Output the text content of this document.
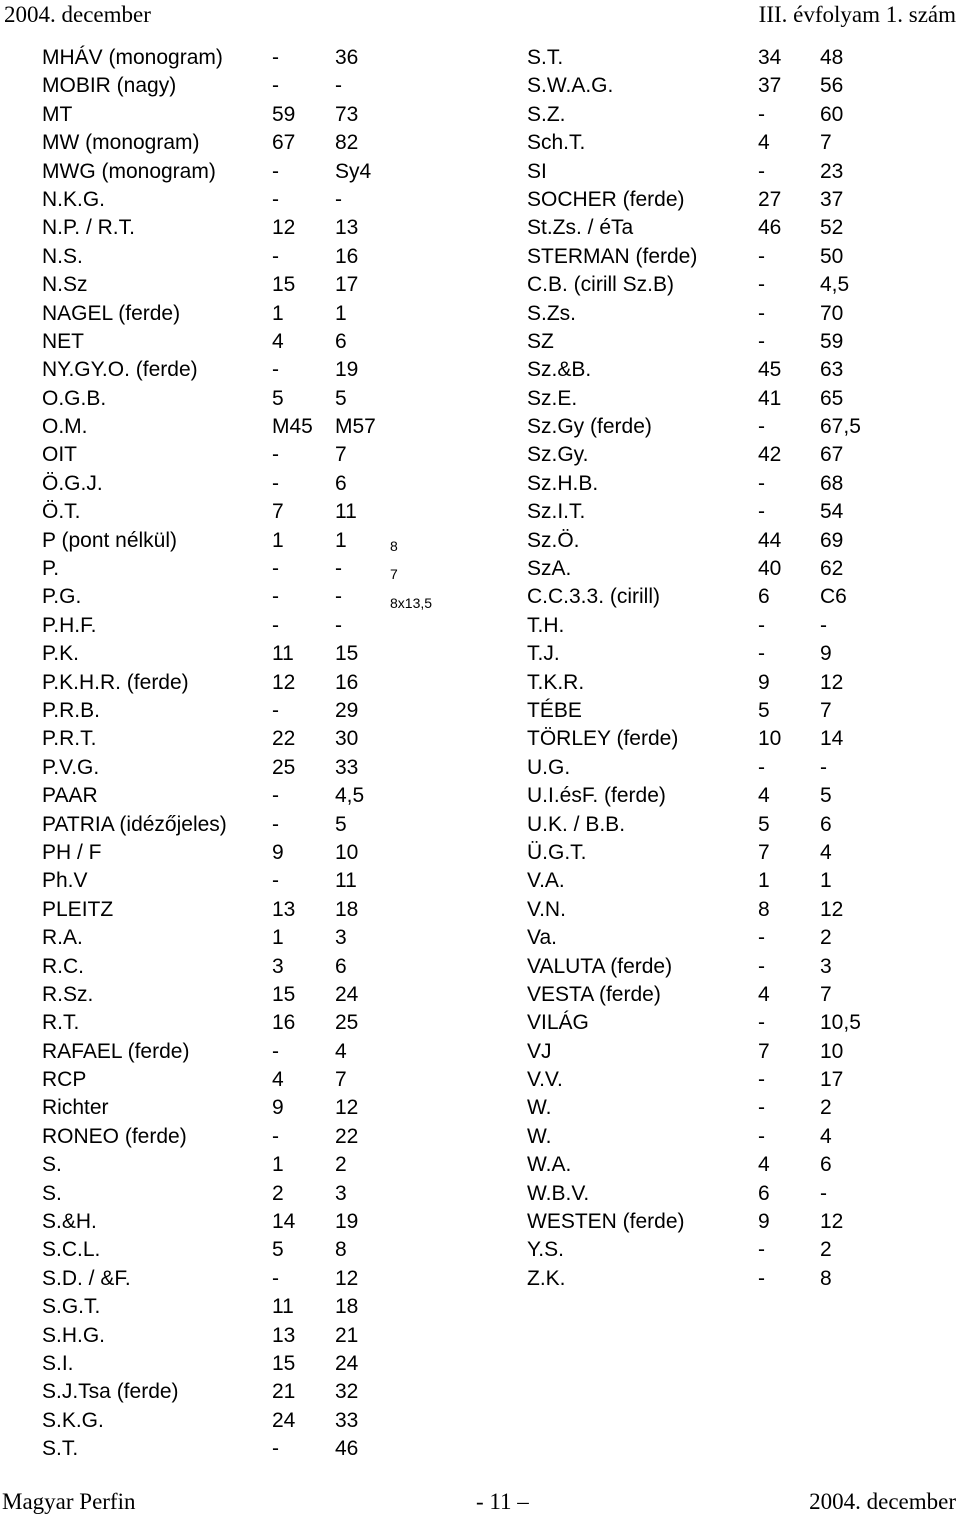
2004. december	III. évfolyam 1. szám
MHÁV (monogram) -	36
MOBIR (nagy)	-	-
MT	59 73
MW (monogram)	67 82
MWG (monogram)	-	Sy4
N.K.G.	-	-
N.P. / R.T.	12 13
N.S.	-	16
N.Sz	15 17
NAGEL (ferde)	1 1
NET	4 6
NY.GY.O. (ferde)	-	19
O.G.B.	5 5
O.M.	M45 M57
OIT	-	7
Ö.G.J.	-	6
Ö.T.	7 11
P (pont nélkül)	1 1
P.	-	-
P.G.	-	-
P.H.F.	-	-
P.K.	11 15
P.K.H.R. (ferde)	12 16
P.R.B.	-	29
P.R.T.	22 30
P.V.G.	25 33
PAAR	-	4,5
PATRIA (idézőjeles) -	5
PH / F	9 10
Ph.V	-	11
PLEITZ	13 18
R.A.	1 3
R.C.	3 6
R.Sz.	15 24
R.T.	16 25
RAFAEL (ferde)	-	4
RCP	4 7
Richter	9 12
RONEO (ferde)	-	22
S.	1 2
S.	2 3
S.&H.	14 19
S.C.L.	5 8
S.D. / &F.	-	12
S.G.T.	11 18
S.H.G.	13 21
S.I.	15 24
S.J.Tsa (ferde)	21 32
S.K.G.	24 33
S.T.	-	46
S.T.	34 48
S.W.A.G.	37 56
S.Z.	-	60
Sch.T.	4 7
SI	-	23
SOCHER (ferde)	27 37
St.Zs. / éTa	46 52
STERMAN (ferde)	-	50
C.B. (cirill Sz.B)	-	4,5
S.Zs.	-	70
SZ	-	59
Sz.&B.	45 63
Sz.E.	41 65
Sz.Gy (ferde)	-	67,5
Sz.Gy.	42 67
Sz.H.B.	-	68
Sz.I.T.	-	54
Sz.Ö.	44 69
SzA.	40 62
C.C.3.3. (cirill)	6 C6
T.H.	-	-
T.J.	-	9
T.K.R.	9 12
TÉBE	5 7
TÖRLEY (ferde)	10 14
U.G.	-	-
U.I.ésF. (ferde)	4 5
U.K. / B.B.	5 6
Ü.G.T.	7 4
V.A.	1 1
V.N.	8 12
Va.	-	2
VALUTA (ferde)	-	3
VESTA (ferde)	4 7
VILÁG	-	10,5
VJ	7 10
V.V.	-	17
W.	-	2
W.	-	4
W.A.	4 6
W.B.V.	6 -
WESTEN (ferde)	9 12
Y.S.	-	2
Z.K.	-	8
8
7
8x13,5
Magyar Perfin	- 11 –	2004. december
